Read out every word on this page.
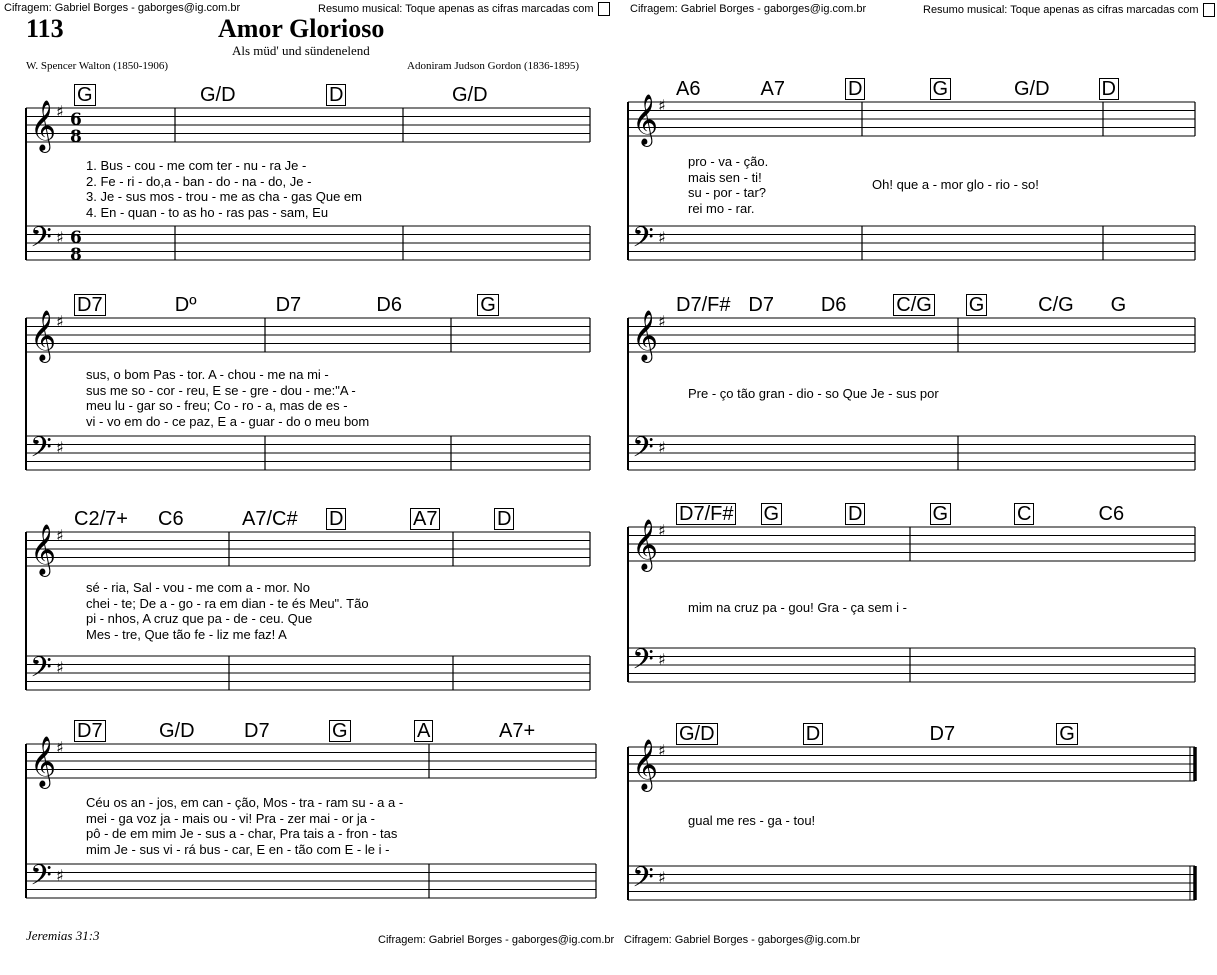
Cifragem: Gabriel Borges - gaborges@ig.com.br	Resumo musical: Toque apenas as cifras marcadas com	Cifragem: Gabriel Borges - gaborges@ig.com.br	Resumo musical: Toque apenas as cifras marcadas com
113	Amor Glorioso
Als müd' und sündenelend
W. Spencer Walton (1850-1906)	Adoniram Judson Gordon (1836-1895)
𝄞 ♯ 6
8
𝄢 ♯ 6
8
𝄞 ♯
𝄢 ♯
𝄞 ♯
𝄢 ♯
𝄞 ♯
𝄢 ♯
𝄞 ♯
𝄢 ♯
𝄞 ♯
𝄢 ♯
𝄞 ♯
𝄢 ♯
𝄞 ♯
𝄢 ♯
G	G/D	D	G/D
D7	Dº	D7	D6	G
C2/7+ C6	A7/C# D	A7	D
D7	G/D D7	G	A	A7+
A6	A7	D	G	G/D	D
D7/F# D7 D6 C/G G	C/G G
D7/F# G	D	G	C	C6
G/D	D	D7	G
1. Bus - cou - me com ter - nu - ra Je -
2. Fe - ri - do,a - ban - do - na - do, Je -
3. Je - sus mos - trou - me as cha - gas Que em
4. En - quan - to as ho - ras pas - sam, Eu
sus, o bom Pas - tor. A - chou - me na mi -
sus me so - cor - reu, E se - gre - dou - me:"A -
meu lu - gar so - freu; Co - ro - a, mas de es -
vi - vo em do - ce paz, E a - guar - do o meu bom
sé - ria, Sal - vou - me com a - mor. No
chei - te; De a - go - ra em dian - te és Meu". Tão
pi - nhos, A cruz que pa - de - ceu. Que
Mes - tre, Que tão fe - liz me faz! A
Céu os an - jos, em can - ção, Mos - tra - ram su - a a -
mei - ga voz ja - mais ou - vi! Pra - zer mai - or ja -
pô - de em mim Je - sus a - char, Pra tais a - fron - tas
mim Je - sus vi - rá bus - car, E en - tão com E - le i -
pro - va - ção.
mais sen - ti!
su - por - tar?
rei mo - rar.
Oh! que a - mor glo - rio - so!
Pre - ço tão gran - dio - so Que Je - sus por
mim na cruz pa - gou! Gra - ça sem i -
gual me res - ga - tou!
Jeremias 31:3	Cifragem: Gabriel Borges - gaborges@ig.com.br Cifragem: Gabriel Borges - gaborges@ig.com.br
